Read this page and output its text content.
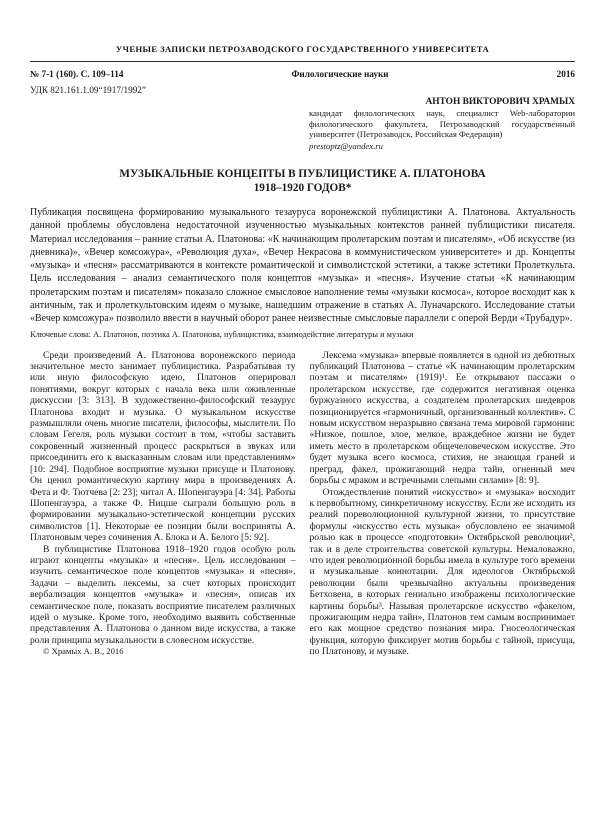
УЧЕНЫЕ ЗАПИСКИ ПЕТРОЗАВОДСКОГО ГОСУДАРСТВЕННОГО УНИВЕРСИТЕТА
№ 7-1 (160). С. 109–114	Филологические науки	2016
УДК 821.161.1.09“1917/1992”
АНТОН ВИКТОРОВИЧ ХРАМЫХ
кандидат филологических наук, специалист Web-лаборатории филологического факультета, Петрозаводский государственный университет (Петрозаводск, Российская Федерация)
prestoptz@yandex.ru
МУЗЫКАЛЬНЫЕ КОНЦЕПТЫ В ПУБЛИЦИСТИКЕ А. ПЛАТОНОВА
1918–1920 ГОДОВ*
Публикация посвящена формированию музыкального тезауруса воронежской публицистики А. Платонова. Актуальность данной проблемы обусловлена недостаточной изученностью музыкальных контекстов ранней публицистики писателя. Материал исследования – ранние статьи А. Платонова: «К начинающим пролетарским поэтам и писателям», «Об искусстве (из дневника)», «Вечер комсожура», «Революция духа», «Вечер Некрасова в коммунистическом университете» и др. Концепты «музыка» и «песня» рассматриваются в контексте романтической и символистской эстетики, а также эстетики Пролеткульта. Цель исследования – анализ семантического поля концептов «музыка» и «песня». Изучение статьи «К начинающим пролетарским поэтам и писателям» показало сложное смысловое наполнение темы «музыки космоса», которое восходит как к античным, так и пролеткультовским идеям о музыке, нашедшим отражение в статьях А. Луначарского. Исследование статьи «Вечер комсожура» позволило ввести в научный оборот ранее неизвестные смысловые параллели с оперой Верди «Трубадур».
Ключевые слова: А. Платонов, поэтика А. Платонова, публицистика, взаимодействие литературы и музыки

Среди произведений А. Платонова воронежского периода значительное место занимает публицистика. Разрабатывая ту или иную философскую идею, Платонов оперировал понятиями, вокруг которых с начала века шли оживленные дискуссии [3: 313]. В художественно-философский тезаурус Платонова входит и музыка. О музыкальном искусстве размышляли очень многие писатели, философы, мыслители. По словам Гегеля, роль музыки состоит в том, «чтобы заставить сокровенный жизненный процесс раскрыться в звуках или присоединить его к высказанным словам или представлениям» [10: 294]. Подобное восприятие музыки присуще и Платонову. Он ценил романтическую картину мира в произведениях А. Фета и Ф. Тютчева [2: 23]; читал А. Шопенгауэра [4: 34]. Работы Шопенгауэра, а также Ф. Ницше сыграли большую роль в формировании музыкально-эстетической концепции русских символистов [1]. Некоторые ее позиции были восприняты А. Платоновым через сочинения А. Блока и А. Белого [5: 92].

В публицистике Платонова 1918–1920 годов особую роль играют концепты «музыка» и «песня». Цель исследования – изучить семантическое поле концептов «музыка» и «песня». Задачи – выделить лексемы, за счет которых происходит вербализация концептов «музыка» и «песня», описав их семантическое поле, показать восприятие писателем различных идей о музыке. Кроме того, необходимо выявить собственные представления А. Платонова о данном виде искусства, а также роли принципа музыкальности в словесном искусстве.

© Храмых А. В., 2016

Лексема «музыка» впервые появляется в одной из дебютных публикаций Платонова – статье «К начинающим пролетарским поэтам и писателям» (1919)¹. Ее открывают пассажи о пролетарском искусстве, где содержится негативная оценка буржуазного искусства, а создателем пролетарских шедевров позиционируется «гармоничный, организованный коллектив». С новым искусством неразрывно связана тема мировой гармонии: «Низкое, пошлое, злое, мелкое, враждебное жизни не будет иметь место в пролетарском общечеловеческом искусстве. Это будет музыка всего космоса, стихия, не знающая граней и преград, факел, прожигающий недра тайн, огненный меч борьбы с мраком и встречными слепыми силами» [8: 9].

Отождествление понятий «искусство» и «музыка» восходит к первобытному, синкретичному искусству. Если же исходить из реалий пореволюционной культурной жизни, то присутствие формулы «искусство есть музыка» обусловлено ее значимой ролью как в процессе «подготовки» Октябрьской революции², так и в деле строительства советской культуры. Немаловажно, что идея революционной борьбы имела в культуре того времени и музыкальные коннотации. Для идеологов Октябрьской революции были чрезвычайно актуальны произведения Бетховена, в которых гениально изображены психологические картины борьбы³. Называя пролетарское искусство «факелом, прожигающим недра тайн», Платонов тем самым воспринимает его как мощное средство познания мира. Гносеологическая функция, которую фиксирует мотив борьбы с тайной, присуща, по Платонову, и музыке.
